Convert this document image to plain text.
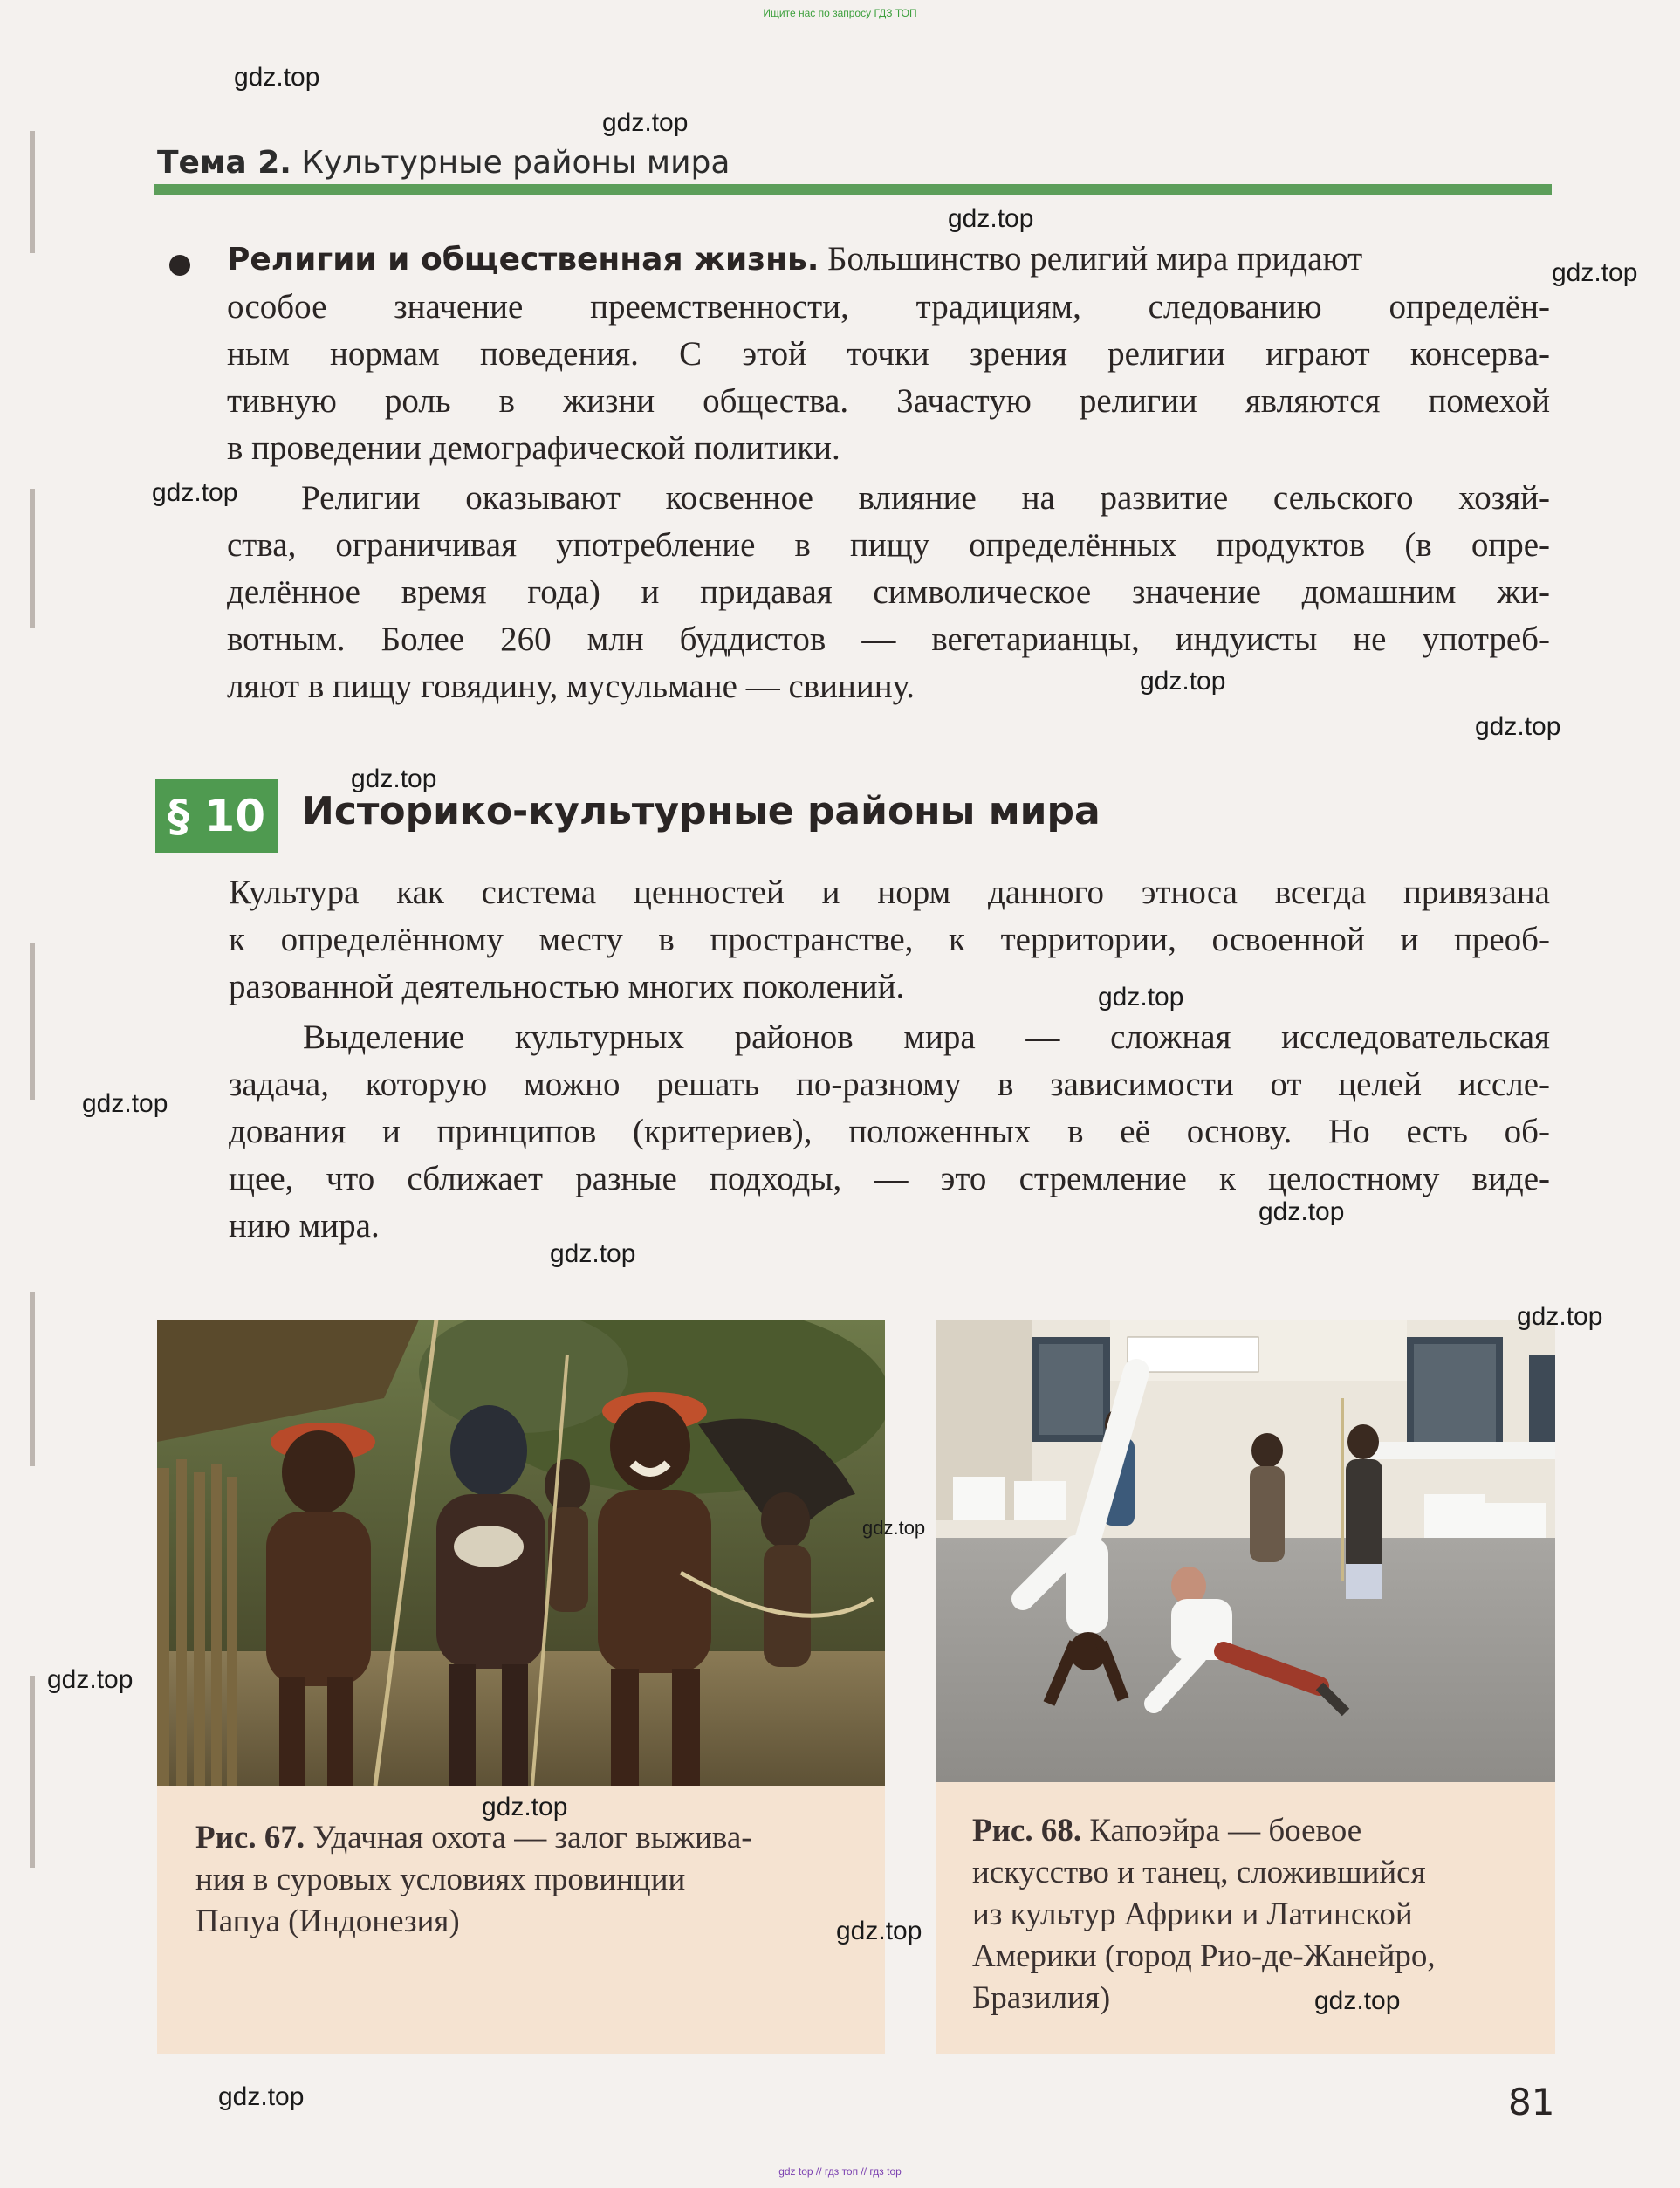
Ищите нас по запросу ГДЗ ТОП
gdz top // гдз топ // гдз top
Тема 2. Культурные районы мира
Религии и общественная жизнь. Большинство религий мира придают
особое значение преемственности, традициям, следованию определён-
ным нормам поведения. С этой точки зрения религии играют консерва-
тивную роль в жизни общества. Зачастую религии являются помехой
в проведении демографической политики.
Религии оказывают косвенное влияние на развитие сельского хозяй-
ства, ограничивая употребление в пищу определённых продуктов (в опре-
делённое время года) и придавая символическое значение домашним жи-
вотным. Более 260 млн буддистов — вегетарианцы, индуисты не употреб-
ляют в пищу говядину, мусульмане — свинину.
§ 10 Историко-культурные районы мира
Культура как система ценностей и норм данного этноса всегда привязана
к определённому месту в пространстве, к территории, освоенной и преоб-
разованной деятельностью многих поколений.
Выделение культурных районов мира — сложная исследовательская
задача, которую можно решать по-разному в зависимости от целей иссле-
дования и принципов (критериев), положенных в её основу. Но есть об-
щее, что сближает разные подходы, — это стремление к целостному виде-
нию мира.
Рис. 67. Удачная охота — залог выжива-
ния в суровых условиях провинции
Папуа (Индонезия)
Рис. 68. Капоэйра — боевое
искусство и танец, сложившийся
из культур Африки и Латинской
Америки (город Рио-де-Жанейро,
Бразилия)
81
gdz.top
gdz.top
gdz.top
gdz.top
gdz.top
gdz.top
gdz.top
gdz.top
gdz.top
gdz.top
gdz.top
gdz.top
gdz.top
gdz.top
gdz.top
gdz.top
gdz.top
gdz.top
gdz.top
